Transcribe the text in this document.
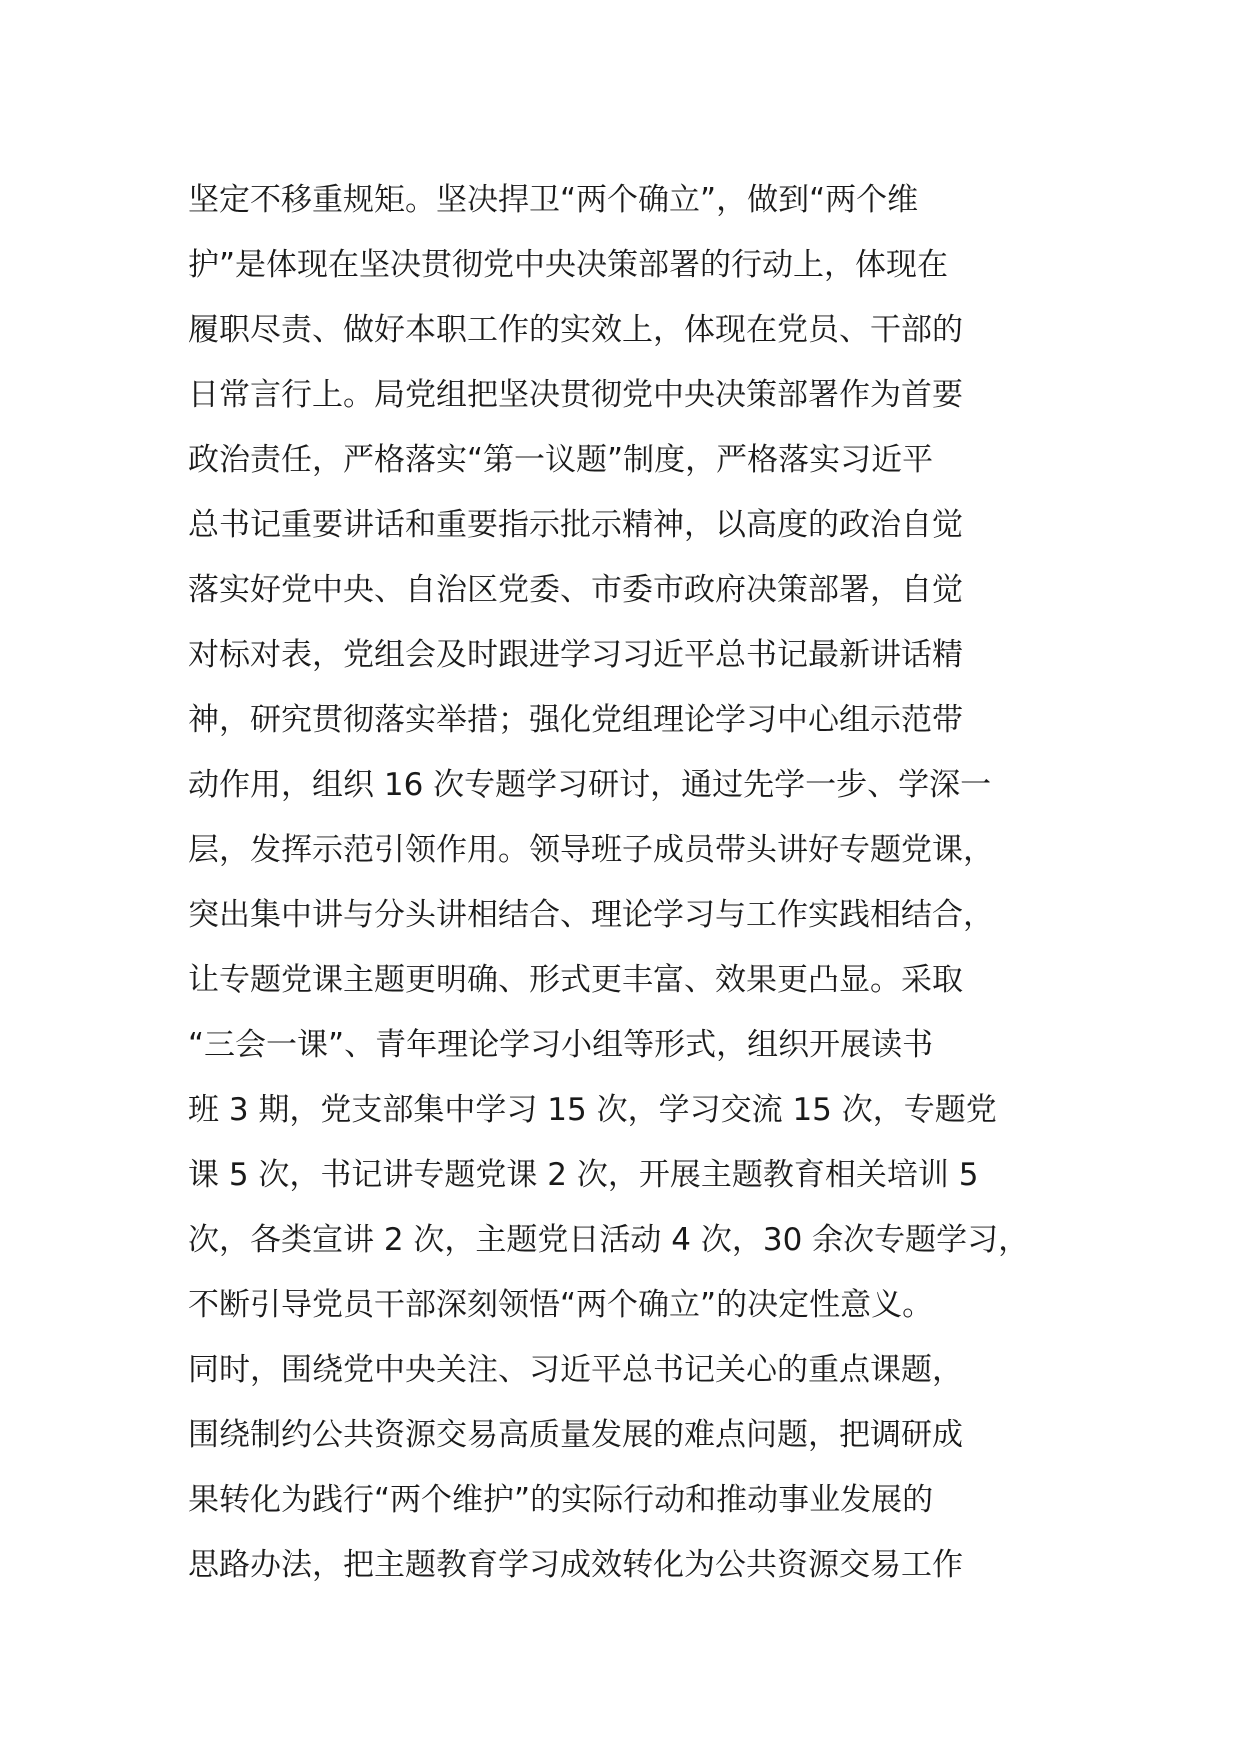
坚定不移重规矩。坚决捍卫“两个确立”，做到“两个维
护”是体现在坚决贯彻党中央决策部署的行动上，体现在
履职尽责、做好本职工作的实效上，体现在党员、干部的
日常言行上。局党组把坚决贯彻党中央决策部署作为首要
政治责任，严格落实“第一议题”制度，严格落实习近平
总书记重要讲话和重要指示批示精神，以高度的政治自觉
落实好党中央、自治区党委、市委市政府决策部署，自觉
对标对表，党组会及时跟进学习习近平总书记最新讲话精
神，研究贯彻落实举措；强化党组理论学习中心组示范带
动作用，组织 16 次专题学习研讨，通过先学一步、学深一
层，发挥示范引领作用。领导班子成员带头讲好专题党课，
突出集中讲与分头讲相结合、理论学习与工作实践相结合，
让专题党课主题更明确、形式更丰富、效果更凸显。采取
“三会一课”、青年理论学习小组等形式，组织开展读书
班 3 期，党支部集中学习 15 次，学习交流 15 次，专题党
课 5 次，书记讲专题党课 2 次，开展主题教育相关培训 5
次，各类宣讲 2 次，主题党日活动 4 次，30 余次专题学习，
不断引导党员干部深刻领悟“两个确立”的决定性意义。
同时，围绕党中央关注、习近平总书记关心的重点课题，
围绕制约公共资源交易高质量发展的难点问题，把调研成
果转化为践行“两个维护”的实际行动和推动事业发展的
思路办法，把主题教育学习成效转化为公共资源交易工作
